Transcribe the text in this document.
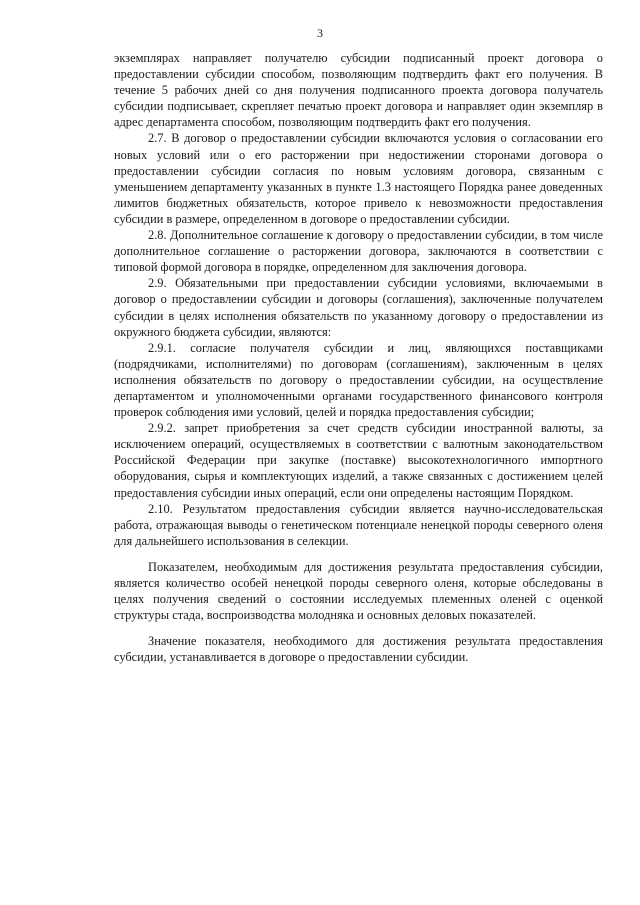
3

экземплярах направляет получателю субсидии подписанный проект договора о предоставлении субсидии способом, позволяющим подтвердить факт его получения. В течение 5 рабочих дней со дня получения подписанного проекта договора получатель субсидии подписывает, скрепляет печатью проект договора и направляет один экземпляр в адрес департамента способом, позволяющим подтвердить факт его получения.

2.7. В договор о предоставлении субсидии включаются условия о согласовании его новых условий или о его расторжении при недостижении сторонами договора о предоставлении субсидии согласия по новым условиям договора, связанным с уменьшением департаменту указанных в пункте 1.3 настоящего Порядка ранее доведенных лимитов бюджетных обязательств, которое привело к невозможности предоставления субсидии в размере, определенном в договоре о предоставлении субсидии.

2.8. Дополнительное соглашение к договору о предоставлении субсидии, в том числе дополнительное соглашение о расторжении договора, заключаются в соответствии с типовой формой договора в порядке, определенном для заключения договора.

2.9. Обязательными при предоставлении субсидии условиями, включаемыми в договор о предоставлении субсидии и договоры (соглашения), заключенные получателем субсидии в целях исполнения обязательств по указанному договору о предоставлении из окружного бюджета субсидии, являются:

2.9.1. согласие получателя субсидии и лиц, являющихся поставщиками (подрядчиками, исполнителями) по договорам (соглашениям), заключенным в целях исполнения обязательств по договору о предоставлении субсидии, на осуществление департаментом и уполномоченными органами государственного финансового контроля проверок соблюдения ими условий, целей и порядка предоставления субсидии;

2.9.2. запрет приобретения за счет средств субсидии иностранной валюты, за исключением операций, осуществляемых в соответствии с валютным законодательством Российской Федерации при закупке (поставке) высокотехнологичного импортного оборудования, сырья и комплектующих изделий, а также связанных с достижением целей предоставления субсидии иных операций, если они определены настоящим Порядком.

2.10. Результатом предоставления субсидии является научно-исследовательская работа, отражающая выводы о генетическом потенциале ненецкой породы северного оленя для дальнейшего использования в селекции.

Показателем, необходимым для достижения результата предоставления субсидии, является количество особей ненецкой породы северного оленя, которые обследованы в целях получения сведений о состоянии исследуемых племенных оленей с оценкой структуры стада, воспроизводства молодняка и основных деловых показателей.

Значение показателя, необходимого для достижения результата предоставления субсидии, устанавливается в договоре о предоставлении субсидии.
